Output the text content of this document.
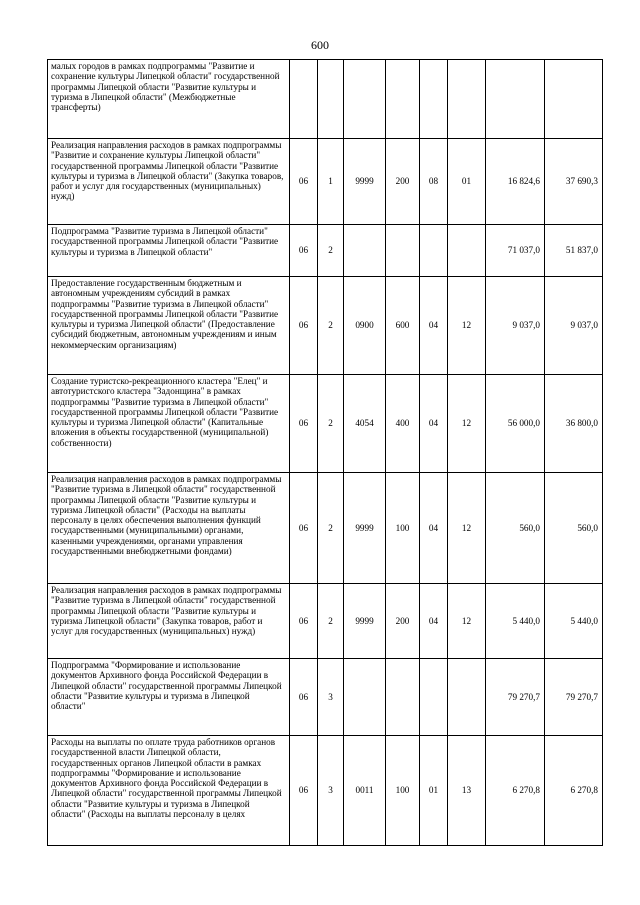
600
малых городов в рамках подпрограммы "Развитие и сохранение культуры Липецкой области" государственной программы Липецкой области "Развитие культуры и туризма в Липецкой области" (Межбюджетные трансферты)								
Реализация направления расходов в рамках подпрограммы "Развитие и сохранение культуры Липецкой области" государственной программы Липецкой области "Развитие культуры и туризма в Липецкой области" (Закупка товаров, работ и услуг для государственных (муниципальных) нужд)	06	1	9999	200	08	01	16 824,6	37 690,3
Подпрограмма "Развитие туризма в Липецкой области" государственной программы Липецкой области "Развитие культуры и туризма в Липецкой области"	06	2					71 037,0	51 837,0
Предоставление государственным бюджетным и автономным учреждениям субсидий в рамках подпрограммы "Развитие туризма в Липецкой области" государственной программы Липецкой области "Развитие культуры и туризма Липецкой области" (Предоставление субсидий бюджетным, автономным учреждениям и иным некоммерческим организациям)	06	2	0900	600	04	12	9 037,0	9 037,0
Создание туристско-рекреационного кластера "Елец" и автотуристского кластера "Задонщина" в рамках подпрограммы "Развитие туризма в Липецкой области" государственной программы Липецкой области "Развитие культуры и туризма Липецкой области" (Капитальные вложения в объекты государственной (муниципальной) собственности)	06	2	4054	400	04	12	56 000,0	36 800,0
Реализация направления расходов в рамках подпрограммы "Развитие туризма в Липецкой области" государственной программы Липецкой области "Развитие культуры и туризма Липецкой области" (Расходы на выплаты персоналу в целях обеспечения выполнения функций государственными (муниципальными) органами, казенными учреждениями, органами управления государственными внебюджетными фондами)	06	2	9999	100	04	12	560,0	560,0
Реализация направления расходов в рамках подпрограммы "Развитие туризма в Липецкой области" государственной программы Липецкой области "Развитие культуры и туризма Липецкой области" (Закупка товаров, работ и услуг для государственных (муниципальных) нужд)	06	2	9999	200	04	12	5 440,0	5 440,0
Подпрограмма "Формирование и использование документов Архивного фонда Российской Федерации в Липецкой области" государственной программы Липецкой области "Развитие культуры и туризма в Липецкой области"	06	3					79 270,7	79 270,7
Расходы на выплаты по оплате труда работников органов государственной власти Липецкой области, государственных органов Липецкой области в рамках подпрограммы "Формирование и использование документов Архивного фонда Российской Федерации в Липецкой области" государственной программы Липецкой области "Развитие культуры и туризма в Липецкой области" (Расходы на выплаты персоналу в целях	06	3	0011	100	01	13	6 270,8	6 270,8
